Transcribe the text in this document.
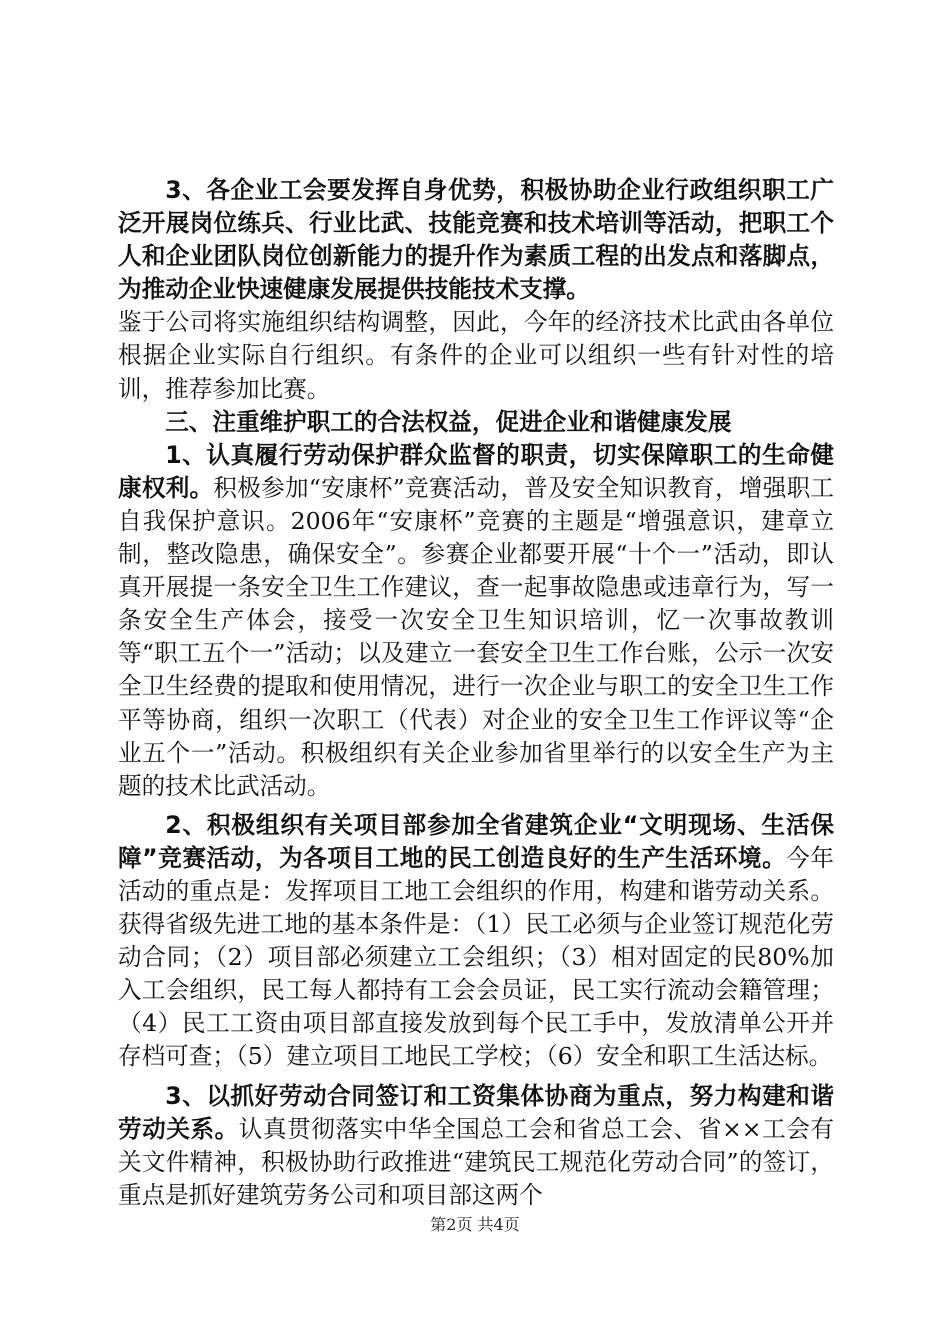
3、各企业工会要发挥自身优势，积极协助企业行政组织职工广泛开展岗位练兵、行业比武、技能竞赛和技术培训等活动，把职工个人和企业团队岗位创新能力的提升作为素质工程的出发点和落脚点，为推动企业快速健康发展提供技能技术支撑。
鉴于公司将实施组织结构调整，因此，今年的经济技术比武由各单位根据企业实际自行组织。有条件的企业可以组织一些有针对性的培训，推荐参加比赛。

三、注重维护职工的合法权益，促进企业和谐健康发展

1、认真履行劳动保护群众监督的职责，切实保障职工的生命健康权利。积极参加“安康杯”竞赛活动，普及安全知识教育，增强职工自我保护意识。2006年“安康杯”竞赛的主题是“增强意识，建章立制，整改隐患，确保安全”。参赛企业都要开展“十个一”活动，即认真开展提一条安全卫生工作建议，查一起事故隐患或违章行为，写一条安全生产体会，接受一次安全卫生知识培训，忆一次事故教训等“职工五个一”活动；以及建立一套安全卫生工作台账，公示一次安全卫生经费的提取和使用情况，进行一次企业与职工的安全卫生工作平等协商，组织一次职工（代表）对企业的安全卫生工作评议等“企业五个一”活动。积极组织有关企业参加省里举行的以安全生产为主题的技术比武活动。

2、积极组织有关项目部参加全省建筑企业“文明现场、生活保障”竞赛活动，为各项目工地的民工创造良好的生产生活环境。今年活动的重点是：发挥项目工地工会组织的作用，构建和谐劳动关系。获得省级先进工地的基本条件是：（1）民工必须与企业签订规范化劳动合同；（2）项目部必须建立工会组织；（3）相对固定的民80%加入工会组织，民工每人都持有工会会员证，民工实行流动会籍管理；（4）民工工资由项目部直接发放到每个民工手中，发放清单公开并存档可查；（5）建立项目工地民工学校；（6）安全和职工生活达标。

3、以抓好劳动合同签订和工资集体协商为重点，努力构建和谐劳动关系。认真贯彻落实中华全国总工会和省总工会、省××工会有关文件精神，积极协助行政推进“建筑民工规范化劳动合同”的签订，重点是抓好建筑劳务公司和项目部这两个

第2页 共4页
